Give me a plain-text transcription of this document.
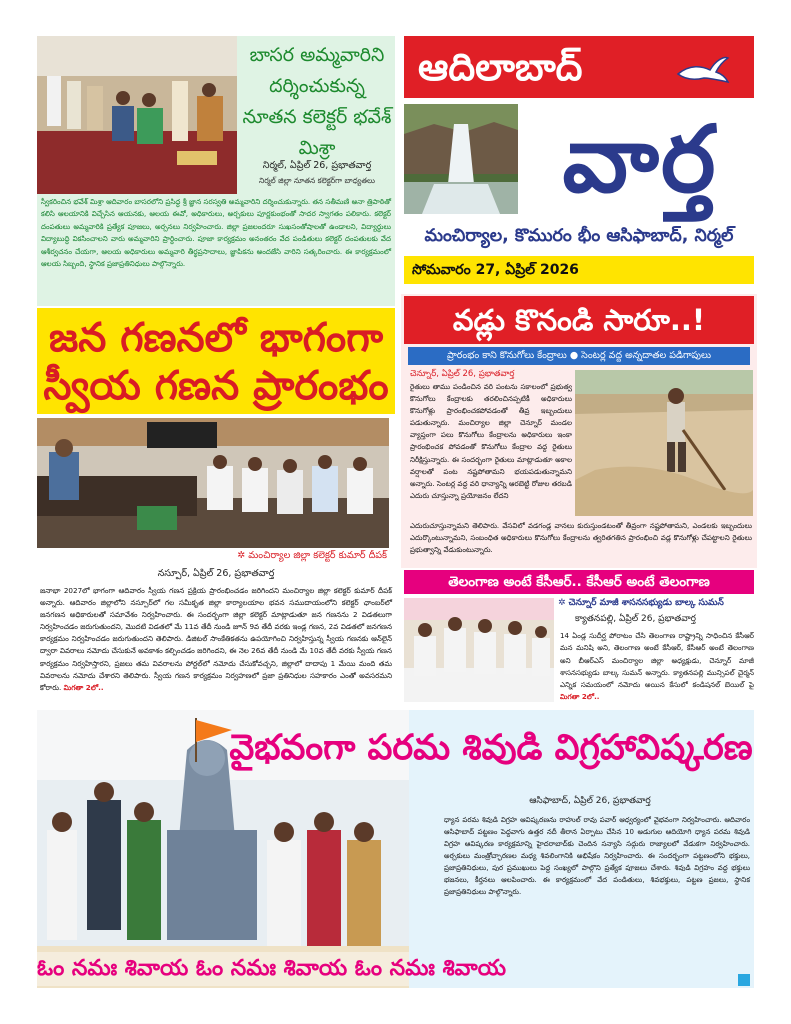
బాసర అమ్మవారిని దర్శించుకున్న నూతన కలెక్టర్ భవేశ్ మిశ్రా
నిర్మల్, ఏప్రిల్ 26, ప్రభాతవార్త
నిర్మల్ జిల్లా నూతన కలెక్టర్‌గా బాధ్యతలు
స్వీకరించిన భవేశ్ మిశ్రా ఆదివారం బాసరలోని ప్రసిద్ధ శ్రీ జ్ఞాన సరస్వతి అమ్మవారిని దర్శించుకున్నారు. తన సతీమణి అనా త్రిపాఠితో కలిసి ఆలయానికి విచ్చేసిన ఆయనకు, ఆలయ ఈవో, అధికారులు, అర్చకులు పూర్ణకుంభంతో సాదర స్వాగతం పలికారు. కలెక్టర్ దంపతులు అమ్మవారికి ప్రత్యేక పూజలు, అర్చనలు నిర్వహించారు. జిల్లా ప్రజలందరూ సుఖసంతోషాలతో ఉండాలని, విద్యార్థులు విద్యాబుద్ధి వికసించాలని వారు అమ్మవారిని ప్రార్థించారు. పూజా కార్యక్రమం అనంతరం వేద పండితులు కలెక్టర్ దంపతులకు వేద ఆశీర్వచనం చేయగా, ఆలయ అధికారులు అమ్మవారి తీర్థప్రసాదాలు, జ్ఞాపికను అందజేసి వారిని సత్కరించారు. ఈ కార్యక్రమంలో ఆలయ సిబ్బంది, స్థానిక ప్రజాప్రతినిధులు పాల్గొన్నారు.
ఆదిలాబాద్
వార్త
మంచిర్యాల, కొమురం భీం ఆసిఫాబాద్, నిర్మల్
సోమవారం 27, ఏప్రిల్ 2026
జన గణనలో భాగంగా స్వీయ గణన ప్రారంభం
✲ మంచిర్యాల జిల్లా కలెక్టర్ కుమార్ దీపక్
నస్పూర్, ఏప్రిల్ 26, ప్రభాతవార్త
జనాభా 2027లో భాగంగా ఆదివారం స్వీయ గణన ప్రక్రియ ప్రారంభించడం జరిగిందని మంచిర్యాల జిల్లా కలెక్టర్ కుమార్ దీపక్ అన్నారు. ఆదివారం జిల్లాలోని నస్పూర్‌లో గల సమీకృత జిల్లా కార్యాలయాల భవన సముదాయంలోని కలెక్టర్ ఛాంబర్‌లో జనగణన అధికారులతో సమావేశం నిర్వహించారు. ఈ సందర్భంగా జిల్లా కలెక్టర్ మాట్లాడుతూ జన గణనను 2 విడతలుగా నిర్వహించడం జరుగుతుందని, మొదటి విడతలో మే 11వ తేదీ నుండి జూన్ 9వ తేదీ వరకు ఇండ్ల గణన, 2వ విడతలో జనగణన కార్యక్రమం నిర్వహించడం జరుగుతుందని తెలిపారు. డిజిటల్ సాంకేతికతను ఉపయోగించి నిర్వహిస్తున్న స్వీయ గణనకు ఆన్‌లైన్ ద్వారా వివరాలు నమోదు చేసుకునే అవకాశం కల్పించడం జరిగిందని, ఈ నెల 26వ తేదీ నుండి మే 10వ తేదీ వరకు స్వీయ గణన కార్యక్రమం నిర్వహిస్తారని, ప్రజలు తమ వివరాలను పోర్టల్‌లో నమోదు చేసుకోవచ్చని, జిల్లాలో దాదాపు 1 మేయి మంది తమ వివరాలను నమోదు చేశారని తెలిపారు. స్వీయ గణన కార్యక్రమం నిర్వహణలో ప్రజా ప్రతినిధుల సహకారం ఎంతో అవసరమని కోరారు. మిగతా 2లో..
వడ్లు కొనండి సారూ..!
ప్రారంభం కాని కొనుగోలు కేంద్రాలు ● సెంటర్ల వద్ద అన్నదాతల పడిగాపులు
చెన్నూర్, ఏప్రిల్ 26, ప్రభాతవార్త
రైతులు తాము పండించిన వరి పంటను సకాలంలో ప్రభుత్వ కొనుగోలు కేంద్రాలకు తరలించినప్పటికీ అధికారులు కొనుగోళ్లు ప్రారంభించకపోవడంతో తీవ్ర ఇబ్బందులు పడుతున్నారు. మంచిర్యాల జిల్లా చెన్నూర్ మండల వ్యాప్తంగా పలు కొనుగోలు కేంద్రాలను అధికారులు ఇంకా ప్రారంభించక పోవడంతో కొనుగోలు కేంద్రాల వద్ద రైతులు నిరీక్షిస్తున్నారు. ఈ సందర్భంగా రైతులు మాట్లాడుతూ అకాల వర్షాలతో పంట నష్టపోతామని భయపడుతున్నామని అన్నారు. సెంటర్ల వద్ద వరి ధాన్యాన్ని ఆరబెట్టి రోజుల తరబడి ఎదురు చూస్తున్నా ప్రయోజనం లేదని
ఎదురుచూస్తున్నామని తెలిపారు. వేసవిలో వడగండ్ల వానలు కురుస్తుండటంతో తీవ్రంగా నష్టపోతామని, ఎండలకు ఇబ్బందులు ఎదుర్కొంటున్నామని, సంబంధిత అధికారులు కొనుగోలు కేంద్రాలను త్వరితగతిన ప్రారంభించి వడ్ల కొనుగోళ్లు చేపట్టాలని రైతులు ప్రభుత్వాన్ని వేడుకుంటున్నారు.
తెలంగాణ అంటే కేసీఆర్.. కేసీఆర్ అంటే తెలంగాణ
✲ చెన్నూర్ మాజీ శాసనసభ్యుడు బాల్క సుమన్
క్యాతనపల్లి, ఏప్రిల్ 26, ప్రభాతవార్త
14 ఏండ్ల సుదీర్ఘ పోరాటం చేసి తెలంగాణ రాష్ట్రాన్ని సాధించిన కేసీఆర్ మన మనిషి అని, తెలంగాణ అంటే కేసీఆర్, కేసీఆర్ అంటే తెలంగాణ అని బీఆర్ఎస్ మంచిర్యాల జిల్లా అధ్యక్షుడు, చెన్నూర్ మాజీ శాసనసభ్యుడు బాల్క సుమన్ అన్నారు. క్యాతనపల్లి మున్సిపల్ చైర్మన్ ఎన్నిక సమయంలో నమోదు అయిన కేసులో కండిషనల్ బెయిల్ పై మిగతా 2లో..
వైభవంగా పరమ శివుడి విగ్రహావిష్కరణ
ఆసిఫాబాద్, ఏప్రిల్ 26, ప్రభాతవార్త
ధ్యాన పరమ శివుడి విగ్రహ ఆవిష్కరణను రాహుల్ రావు పవార్ ఆధ్వర్యంలో వైభవంగా నిర్వహించారు. ఆదివారం ఆసిఫాబాద్ పట్టణం పెద్దవాగు ఉత్తర నదీ తీరాన ఏర్పాటు చేసిన 10 అడుగుల ఆదియోగి ధ్యాన పరమ శివుడి విగ్రహ ఆవిష్కరణ కార్యక్రమాన్ని హైదరాబాద్‌కు చెందిన సన్యాసి సద్గురు రాజ్యాలలో వేడుకగా నిర్వహించారు. అర్చకులు మంత్రోచ్ఛారణల మధ్య శివలింగానికి అభిషేకం నిర్వహించారు. ఈ సందర్భంగా పట్టణంలోని భక్తులు, ప్రజాప్రతినిధులు, పుర ప్రముఖులు పెద్ద సంఖ్యలో పాల్గొని ప్రత్యేక పూజలు చేశారు. శివుడి విగ్రహం వద్ద భక్తులు భజనలు, కీర్తనలు ఆలపించారు. ఈ కార్యక్రమంలో వేద పండితులు, శివభక్తులు, పట్టణ ప్రజలు, స్థానిక ప్రజాప్రతినిధులు పాల్గొన్నారు.
ఓం నమః శివాయ ఓం నమః శివాయ ఓం నమః శివాయ
